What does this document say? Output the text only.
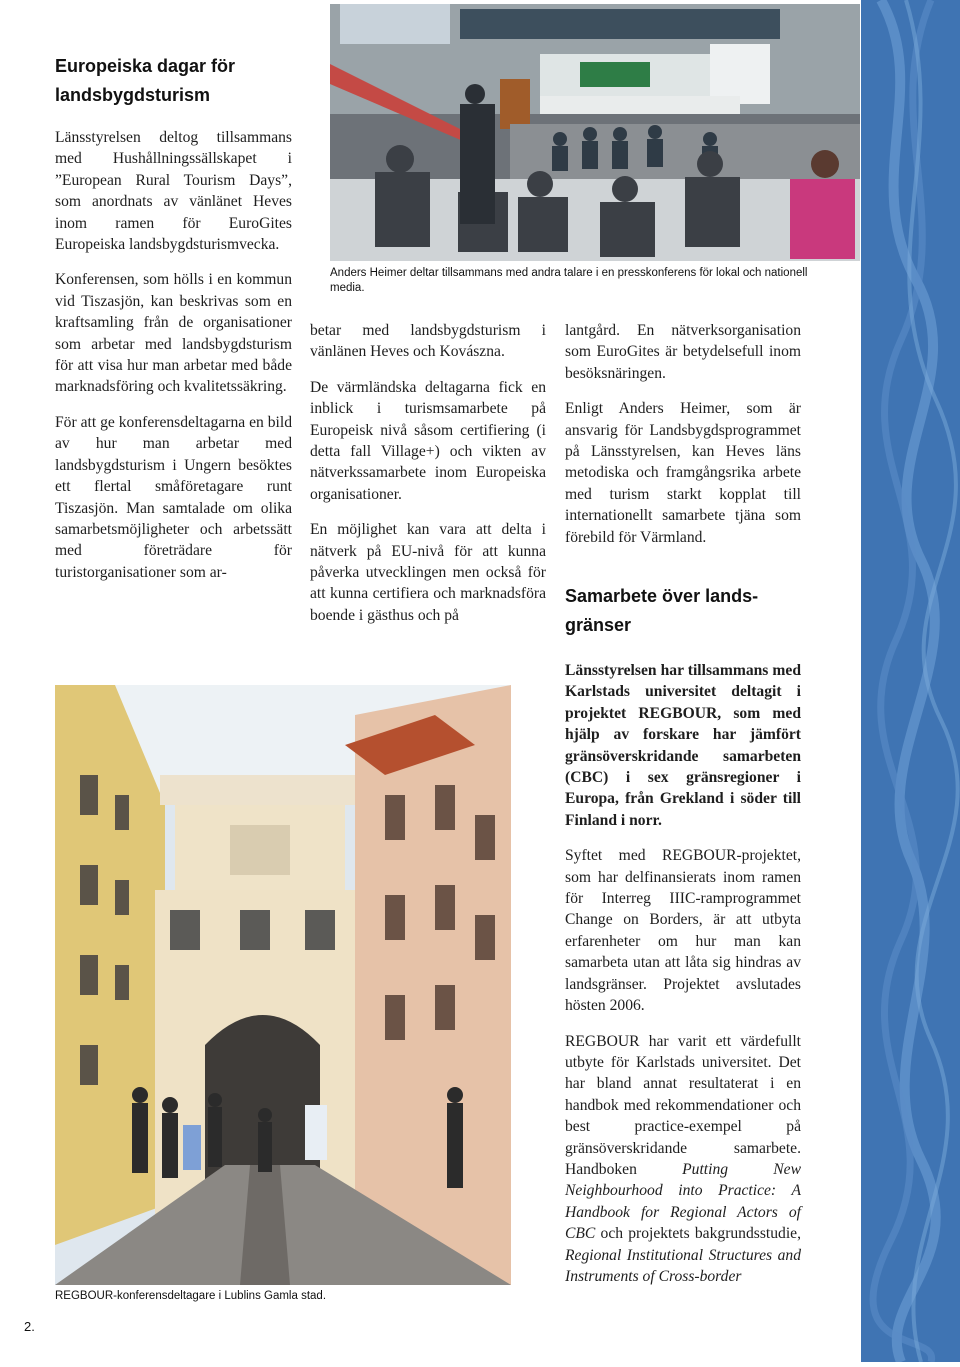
Europeiska dagar för
landsbygdsturism

Länsstyrelsen deltog tillsammans med Hushållningssällskapet i ”European Rural Tourism Days”, som anordnats av vänlänet Heves inom ramen för EuroGites Europeiska landsbygdsturismvecka.

Konferensen, som hölls i en kommun vid Tiszasjön, kan beskrivas som en kraftsamling från de organisationer som arbetar med landsbygdsturism för att visa hur man arbetar med både marknadsföring och kvalitetssäkring.

För att ge konferensdeltagarna en bild av hur man arbetar med landsbygdsturism i Ungern besöktes ett flertal småföretagare runt Tiszasjön. Man samtalade om olika samarbetsmöjligheter och arbetssätt med företrädare för turistorganisationer som ar-

Anders Heimer deltar tillsammans med andra talare i en presskonferens för lokal och nationell media.

betar med landsbygdsturism i vänlänen Heves och Kovászna.

De värmländska deltagarna fick en inblick i turismsamarbete på Europeisk nivå såsom certifiering (i detta fall Village+) och vikten av nätverkssamarbete inom Europeiska organisationer.

En möjlighet kan vara att delta i nätverk på EU-nivå för att kunna påverka utvecklingen men också för att kunna certifiera och marknadsföra boende i gästhus och på

lantgård. En nätverksorganisation som EuroGites är betydelsefull inom besöksnäringen.

Enligt Anders Heimer, som är ansvarig för Landsbygdsprogrammet på Länsstyrelsen, kan Heves läns metodiska och framgångsrika arbete med turism starkt kopplat till internationellt samarbete tjäna som förebild för Värmland.

Samarbete över lands-
gränser

Länsstyrelsen har tillsammans med Karlstads universitet deltagit i projektet REGBOUR, som med hjälp av forskare har jämfört gränsöverskridande samarbeten (CBC) i sex gränsregioner i Europa, från Grekland i söder till Finland i norr.

Syftet med REGBOUR-projektet, som har delfinansierats inom ramen för Interreg IIIC-ramprogrammet Change on Borders, är att utbyta erfarenheter om hur man kan samarbeta utan att låta sig hindras av landsgränser. Projektet avslutades hösten 2006.

REGBOUR har varit ett värdefullt utbyte för Karlstads universitet. Det har bland annat resultaterat i en handbok med rekommendationer och best practice-exempel på gränsöverskridande samarbete. Handboken	Putting New Neighbourhood into Practice: A Handbook for Regional Actors of CBC och projektets bakgrundsstudie, Regional Institutional Structures and Instruments of Cross-border

REGBOUR-konferensdeltagare i Lublins Gamla stad.
2.
